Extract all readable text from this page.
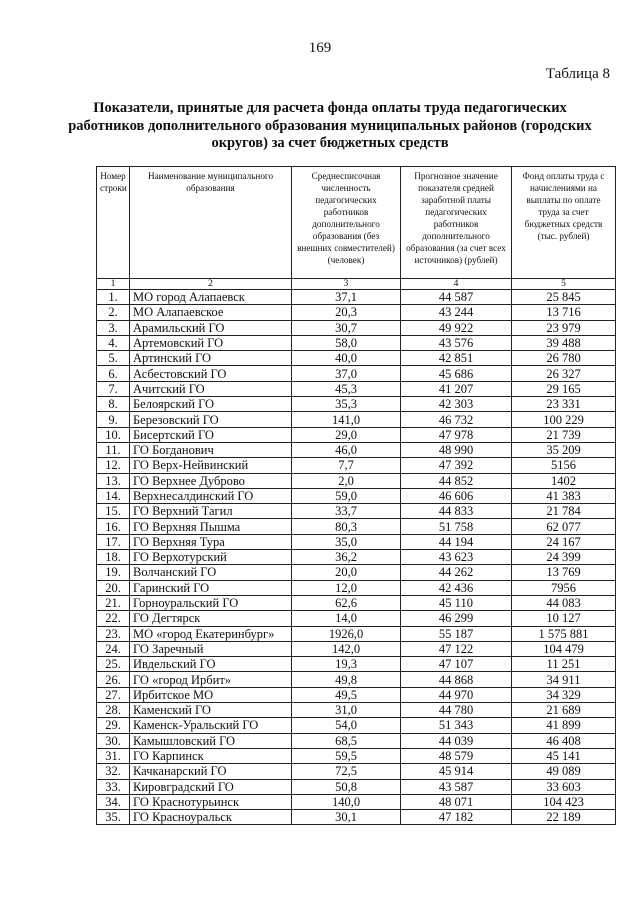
169
Таблица 8
Показатели, принятые для расчета фонда оплаты труда педагогических работников дополнительного образования муниципальных районов (городских округов) за счет бюджетных средств
Номер строки	Наименование муниципального образования	Среднесписочная численность педагогических работников дополнительного образования (без внешних совместителей) (человек)	Прогнозное значение показателя средней заработной платы педагогических работников дополнительного образования (за счет всех источников) (рублей)	Фонд оплаты труда с начислениями на выплаты по оплате труда за счет бюджетных средств (тыс. рублей)
1	2	3	4	5
1.	МО город Алапаевск	37,1	44 587	25 845
2.	МО Алапаевское	20,3	43 244	13 716
3.	Арамильский ГО	30,7	49 922	23 979
4.	Артемовский ГО	58,0	43 576	39 488
5.	Артинский ГО	40,0	42 851	26 780
6.	Асбестовский ГО	37,0	45 686	26 327
7.	Ачитский ГО	45,3	41 207	29 165
8.	Белоярский ГО	35,3	42 303	23 331
9.	Березовский ГО	141,0	46 732	100 229
10.	Бисертский ГО	29,0	47 978	21 739
11.	ГО Богданович	46,0	48 990	35 209
12.	ГО Верх-Нейвинский	7,7	47 392	5156
13.	ГО Верхнее Дуброво	2,0	44 852	1402
14.	Верхнесалдинский ГО	59,0	46 606	41 383
15.	ГО Верхний Тагил	33,7	44 833	21 784
16.	ГО Верхняя Пышма	80,3	51 758	62 077
17.	ГО Верхняя Тура	35,0	44 194	24 167
18.	ГО Верхотурский	36,2	43 623	24 399
19.	Волчанский ГО	20,0	44 262	13 769
20.	Гаринский ГО	12,0	42 436	7956
21.	Горноуральский ГО	62,6	45 110	44 083
22.	ГО Дегтярск	14,0	46 299	10 127
23.	МО «город Екатеринбург»	1926,0	55 187	1 575 881
24.	ГО Заречный	142,0	47 122	104 479
25.	Ивдельский ГО	19,3	47 107	11 251
26.	ГО «город Ирбит»	49,8	44 868	34 911
27.	Ирбитское МО	49,5	44 970	34 329
28.	Каменский ГО	31,0	44 780	21 689
29.	Каменск-Уральский ГО	54,0	51 343	41 899
30.	Камышловский ГО	68,5	44 039	46 408
31.	ГО Карпинск	59,5	48 579	45 141
32.	Качканарский ГО	72,5	45 914	49 089
33.	Кировградский ГО	50,8	43 587	33 603
34.	ГО Краснотурьинск	140,0	48 071	104 423
35.	ГО Красноуральск	30,1	47 182	22 189
